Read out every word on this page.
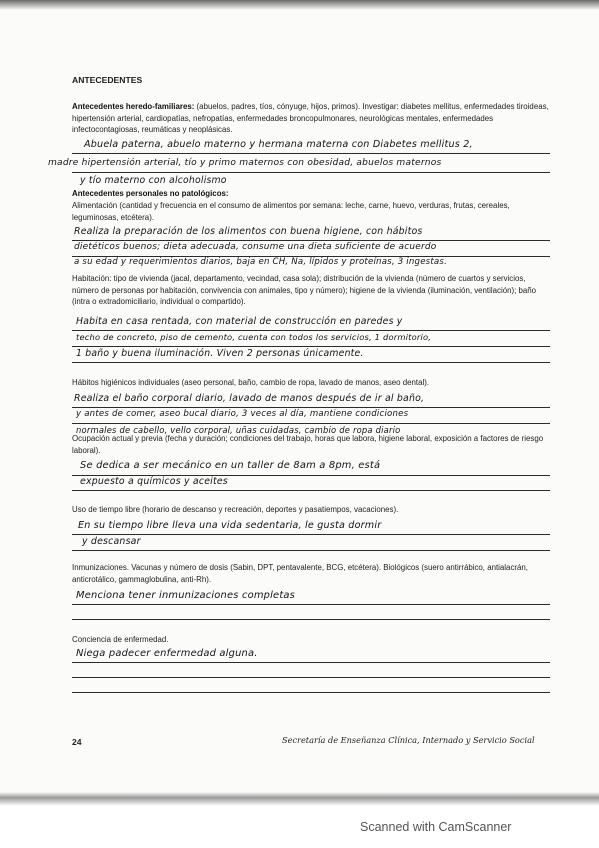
ANTECEDENTES
Antecedentes heredo-familiares: (abuelos, padres, tíos, cónyuge, hijos, primos). Investigar: diabetes mellitus, enfermedades tiroideas, hipertensión arterial, cardiopatías, nefropatías, enfermedades broncopulmonares, neurológicas mentales, enfermedades infectocontagiosas, reumáticas y neoplásicas.
Abuela paterna, abuelo materno y hermana materna con Diabetes mellitus 2,
madre hipertensión arterial, tío y primo maternos con obesidad, abuelos maternos
y tío materno con alcoholismo
Antecedentes personales no patológicos:
Alimentación (cantidad y frecuencia en el consumo de alimentos por semana: leche, carne, huevo, verduras, frutas, cereales, leguminosas, etcétera).
Realiza la preparación de los alimentos con buena higiene, con hábitos
dietéticos buenos; dieta adecuada, consume una dieta suficiente de acuerdo
a su edad y requerimientos diarios, baja en CH, Na, lípidos y proteínas, 3 ingestas.
Habitación: tipo de vivienda (jacal, departamento, vecindad, casa sola); distribución de la vivienda (número de cuartos y servicios, número de personas por habitación, convivencia con animales, tipo y número); higiene de la vivienda (iluminación, ventilación); baño (intra o extradomiciliario, individual o compartido).
Habita en casa rentada, con material de construcción en paredes y
techo de concreto, piso de cemento, cuenta con todos los servicios, 1 dormitorio,
1 baño y buena iluminación. Viven 2 personas únicamente.
Hábitos higiénicos individuales (aseo personal, baño, cambio de ropa, lavado de manos, aseo dental).
Realiza el baño corporal diario, lavado de manos después de ir al baño,
y antes de comer, aseo bucal diario, 3 veces al día, mantiene condiciones
normales de cabello, vello corporal, uñas cuidadas, cambio de ropa diario
Ocupación actual y previa (fecha y duración; condiciones del trabajo, horas que labora, higiene laboral, exposición a factores de riesgo laboral).
Se dedica a ser mecánico en un taller de 8am a 8pm, está
expuesto a químicos y aceites
Uso de tiempo libre (horario de descanso y recreación, deportes y pasatiempos, vacaciones).
En su tiempo libre lleva una vida sedentaria, le gusta dormir
y descansar
Inmunizaciones. Vacunas y número de dosis (Sabin, DPT, pentavalente, BCG, etcétera). Biológicos (suero antirrábico, antialacrán, anticrotálico, gammaglobulina, anti-Rh).
Menciona tener inmunizaciones completas
Conciencia de enfermedad.
Niega padecer enfermedad alguna.
24	Secretaría de Enseñanza Clínica, Internado y Servicio Social
Scanned with CamScanner
